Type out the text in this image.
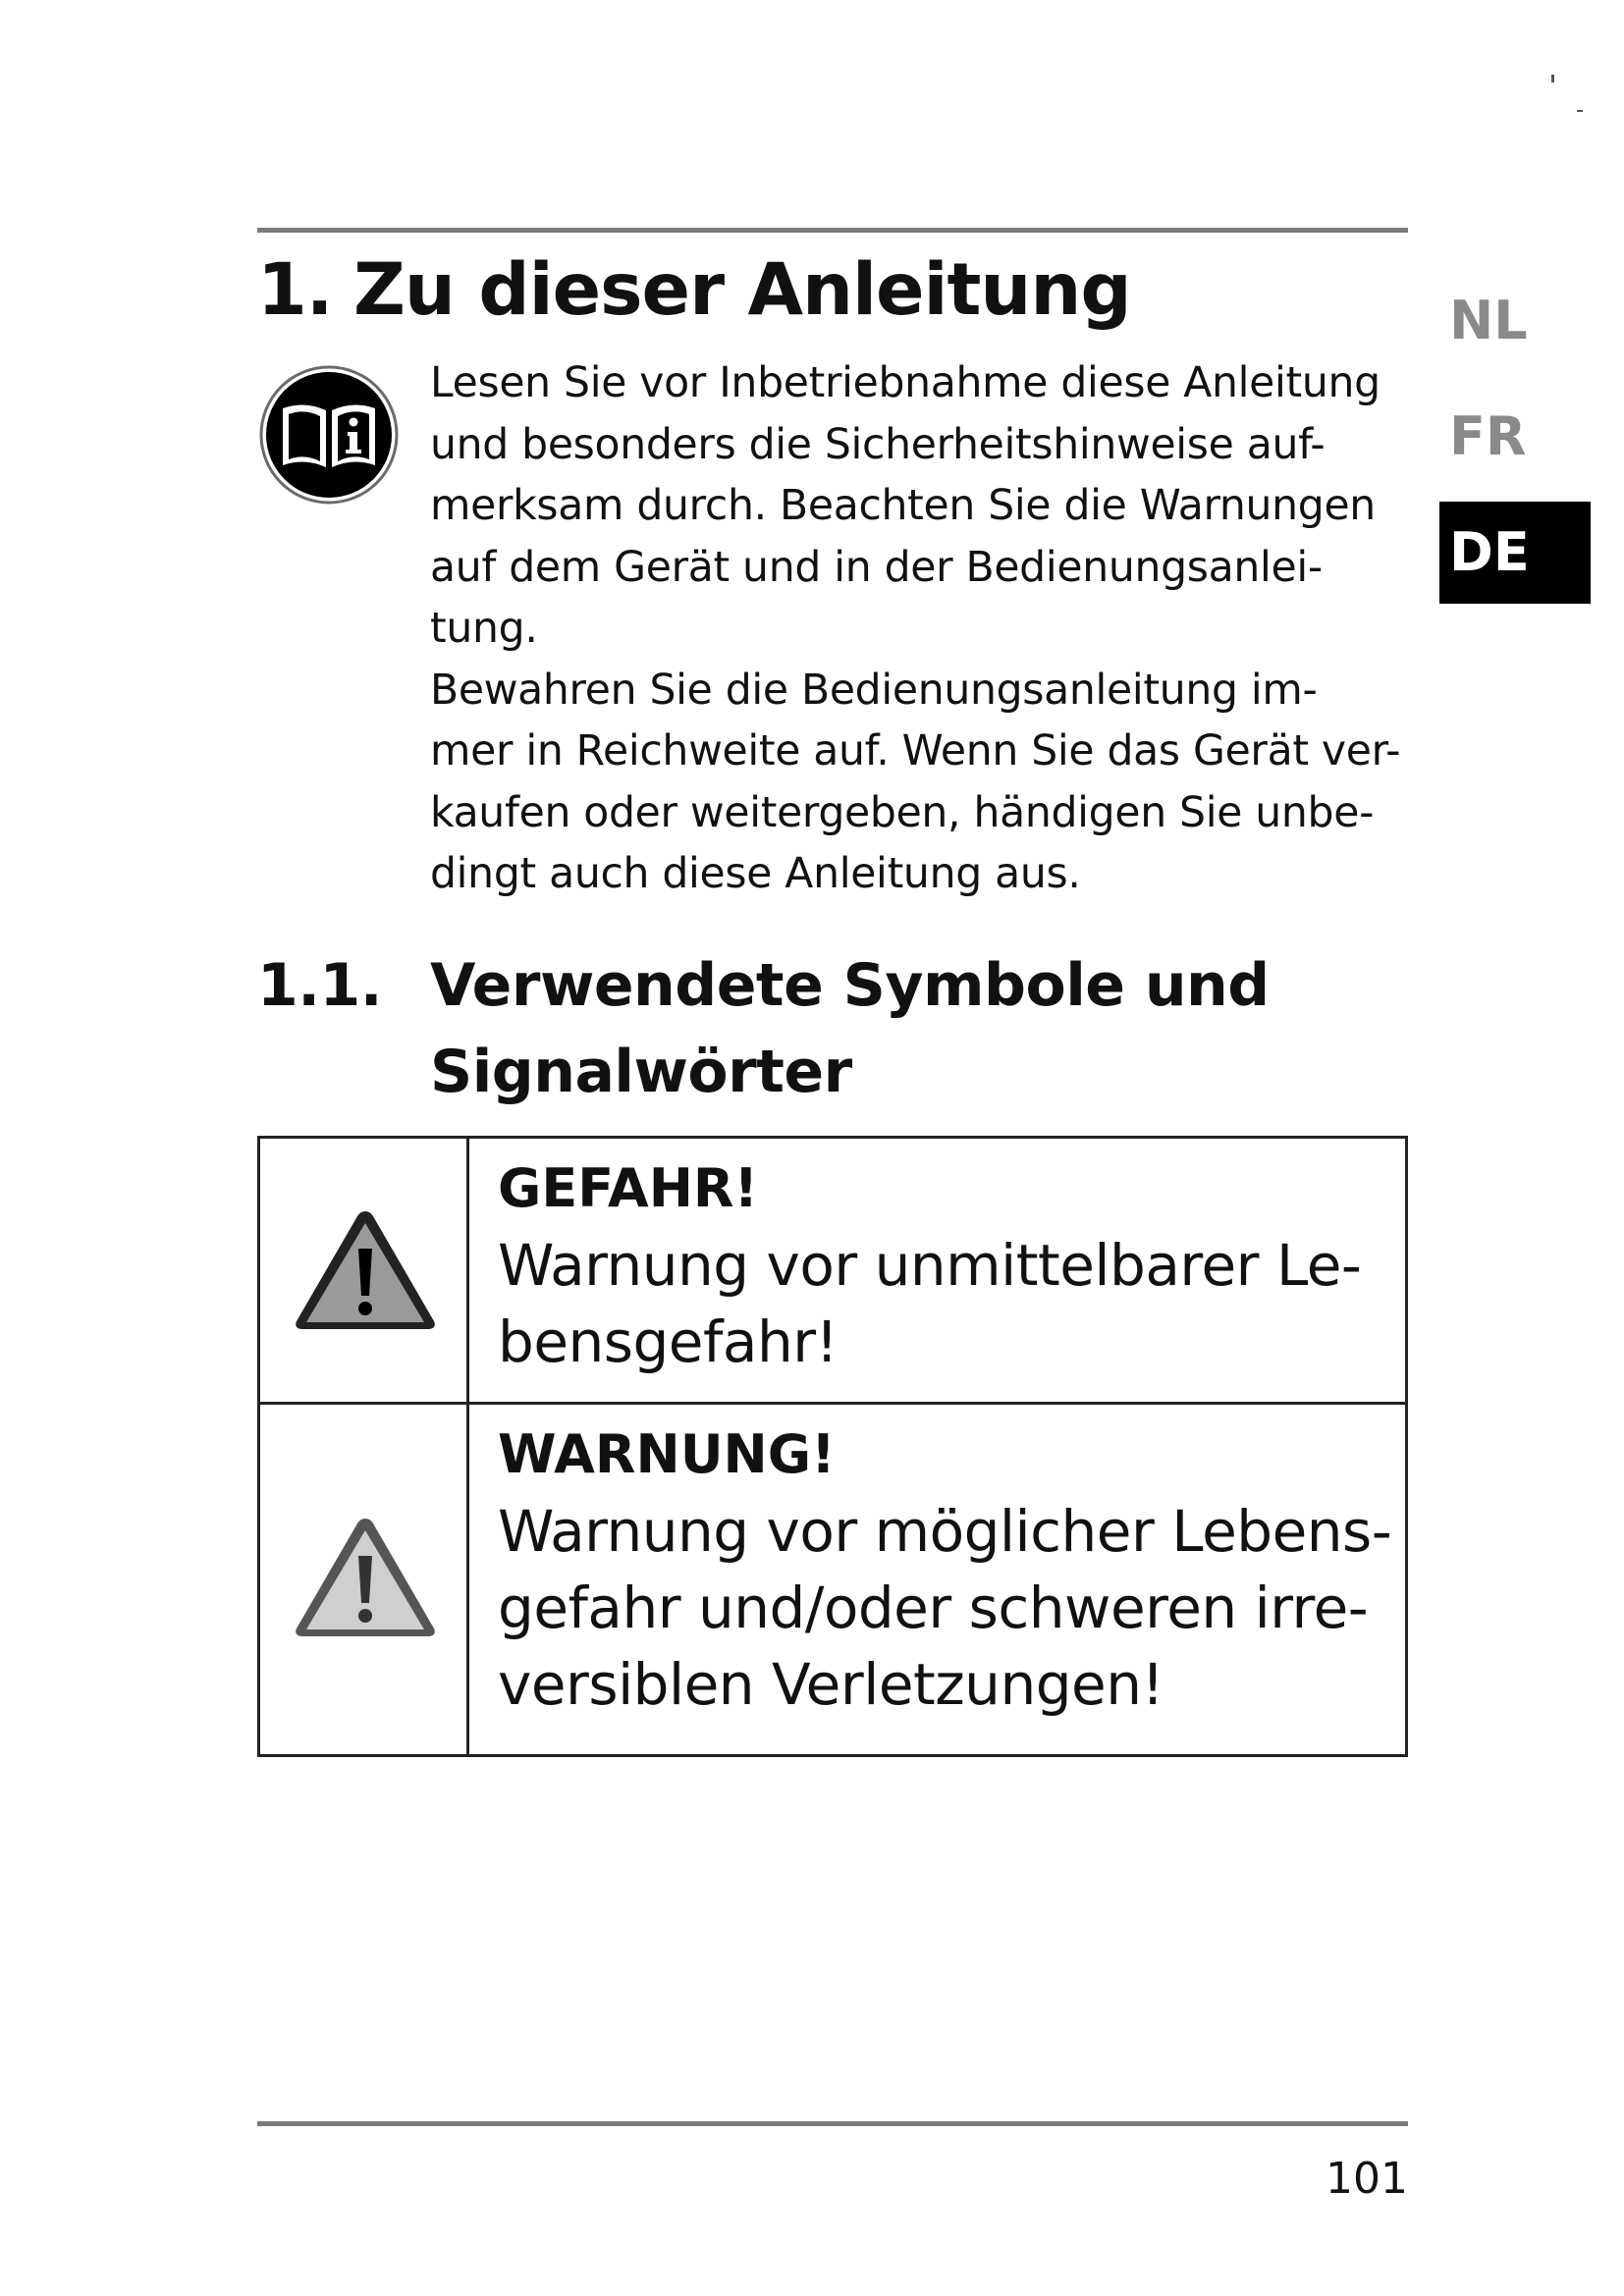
1. Zu dieser Anleitung
Lesen Sie vor Inbetriebnahme diese Anleitung
und besonders die Sicherheitshinweise auf-
merksam durch. Beachten Sie die Warnungen
auf dem Gerät und in der Bedienungsanlei-
tung.
Bewahren Sie die Bedienungsanleitung im-
mer in Reichweite auf. Wenn Sie das Gerät ver-
kaufen oder weitergeben, händigen Sie unbe-
dingt auch diese Anleitung aus.
1.1. Verwendete Symbole und
Signalwörter
GEFAHR!
Warnung vor unmittelbarer Le-
bensgefahr!
WARNUNG!
Warnung vor möglicher Lebens-
gefahr und/oder schweren irre-
versiblen Verletzungen!
NL
FR
DE
101
